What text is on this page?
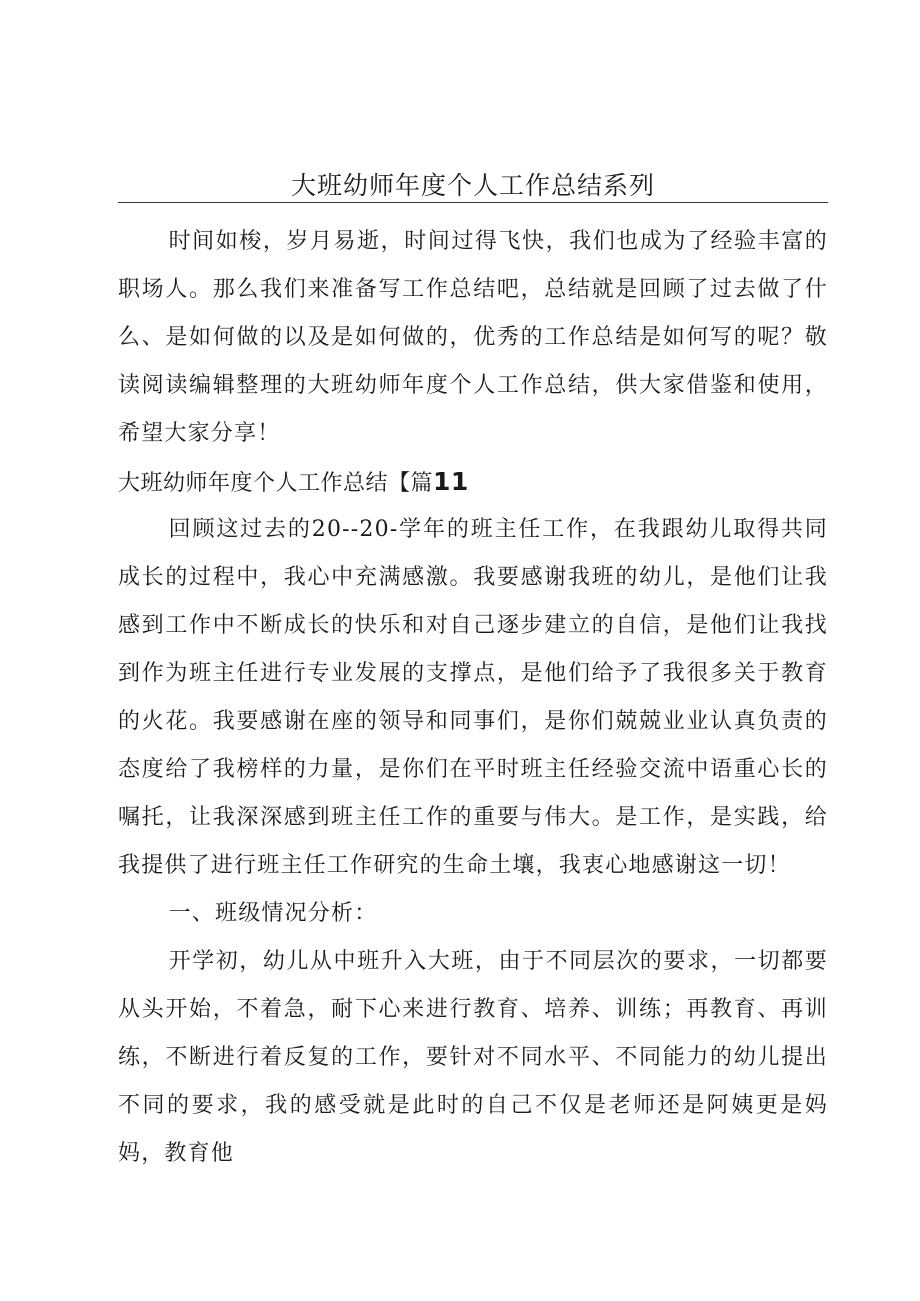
大班幼师年度个人工作总结系列

时间如梭，岁月易逝，时间过得飞快，我们也成为了经验丰富的职场人。那么我们来准备写工作总结吧，总结就是回顾了过去做了什么、是如何做的以及是如何做的，优秀的工作总结是如何写的呢？敬读阅读编辑整理的大班幼师年度个人工作总结，供大家借鉴和使用，希望大家分享！

大班幼师年度个人工作总结【篇11

回顾这过去的20--20-学年的班主任工作，在我跟幼儿取得共同成长的过程中，我心中充满感激。我要感谢我班的幼儿，是他们让我感到工作中不断成长的快乐和对自己逐步建立的自信，是他们让我找到作为班主任进行专业发展的支撑点，是他们给予了我很多关于教育的火花。我要感谢在座的领导和同事们，是你们兢兢业业认真负责的态度给了我榜样的力量，是你们在平时班主任经验交流中语重心长的嘱托，让我深深感到班主任工作的重要与伟大。是工作，是实践，给我提供了进行班主任工作研究的生命土壤，我衷心地感谢这一切！

一、班级情况分析：

开学初，幼儿从中班升入大班，由于不同层次的要求，一切都要从头开始，不着急，耐下心来进行教育、培养、训练；再教育、再训练，不断进行着反复的工作，要针对不同水平、不同能力的幼儿提出不同的要求，我的感受就是此时的自己不仅是老师还是阿姨更是妈妈，教育他
